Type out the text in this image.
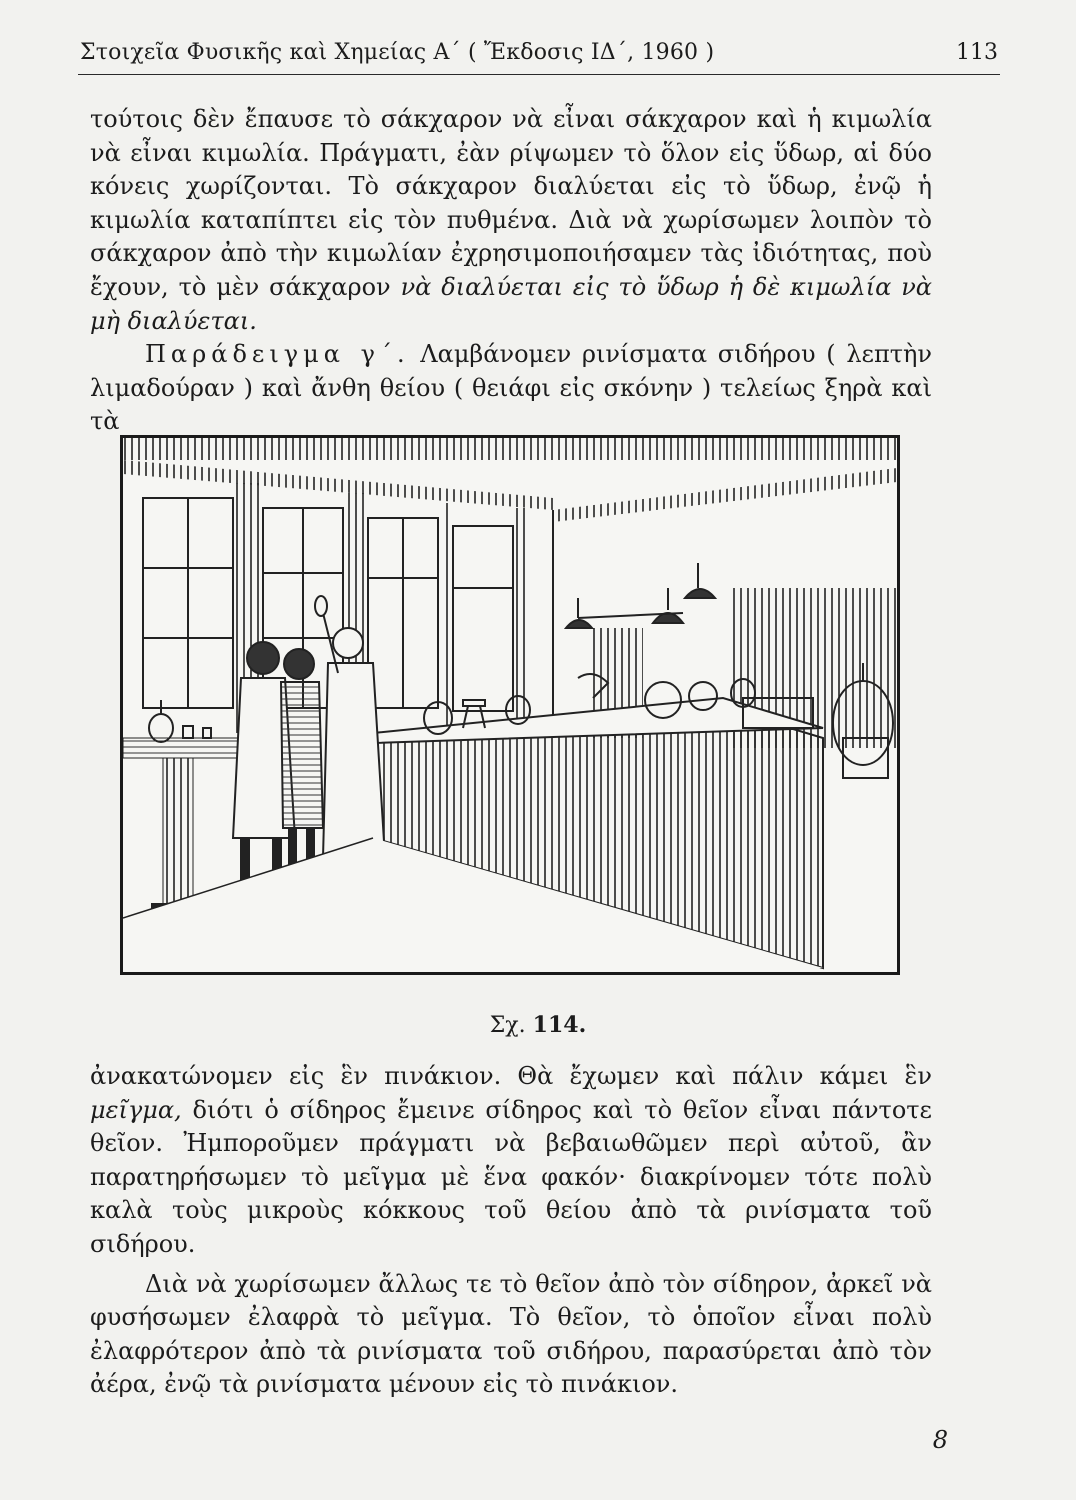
Στοιχεῖα Φυσικῆς καὶ Χημείας Α΄ ( Ἔκδοσις ΙΔ΄, 1960 )	113

τούτοις δὲν ἔπαυσε τὸ σάκχαρον νὰ εἶναι σάκχαρον καὶ ἡ κιμωλία νὰ εἶναι κιμωλία. Πράγματι, ἐὰν ρίψωμεν τὸ ὅλον εἰς ὕδωρ, αἱ δύο κόνεις χωρίζονται. Τὸ σάκχαρον διαλύεται εἰς τὸ ὕδωρ, ἐνῷ ἡ κιμωλία καταπίπτει εἰς τὸν πυθμένα. Διὰ νὰ χωρίσωμεν λοιπὸν τὸ σάκχαρον ἀπὸ τὴν κιμωλίαν ἐχρησιμοποιήσαμεν τὰς ἰδιότητας, ποὺ ἔχουν, τὸ μὲν σάκχαρον νὰ διαλύεται εἰς τὸ ὕδωρ ἡ δὲ κιμωλία νὰ μὴ διαλύεται.

Παράδειγμα γ΄. Λαμβάνομεν ρινίσματα σιδήρου ( λεπτὴν λιμαδούραν ) καὶ ἄνθη θείου ( θειάφι εἰς σκόνην ) τελείως ξηρὰ καὶ τὰ

Σχ. 114.

ἀνακατώνομεν εἰς ἓν πινάκιον. Θὰ ἔχωμεν καὶ πάλιν κάμει ἓν μεῖγμα, διότι ὁ σίδηρος ἔμεινε σίδηρος καὶ τὸ θεῖον εἶναι πάντοτε θεῖον. Ἠμποροῦμεν πράγματι νὰ βεβαιωθῶμεν περὶ αὐτοῦ, ἂν παρατηρήσωμεν τὸ μεῖγμα μὲ ἕνα φακόν· διακρίνομεν τότε πολὺ καλὰ τοὺς μικροὺς κόκκους τοῦ θείου ἀπὸ τὰ ρινίσματα τοῦ σιδήρου.

Διὰ νὰ χωρίσωμεν ἄλλως τε τὸ θεῖον ἀπὸ τὸν σίδηρον, ἀρκεῖ νὰ φυσήσωμεν ἐλαφρὰ τὸ μεῖγμα. Τὸ θεῖον, τὸ ὁποῖον εἶναι πολὺ ἐλαφρότερον ἀπὸ τὰ ρινίσματα τοῦ σιδήρου, παρασύρεται ἀπὸ τὸν ἀέρα, ἐνῷ τὰ ρινίσματα μένουν εἰς τὸ πινάκιον.

8
